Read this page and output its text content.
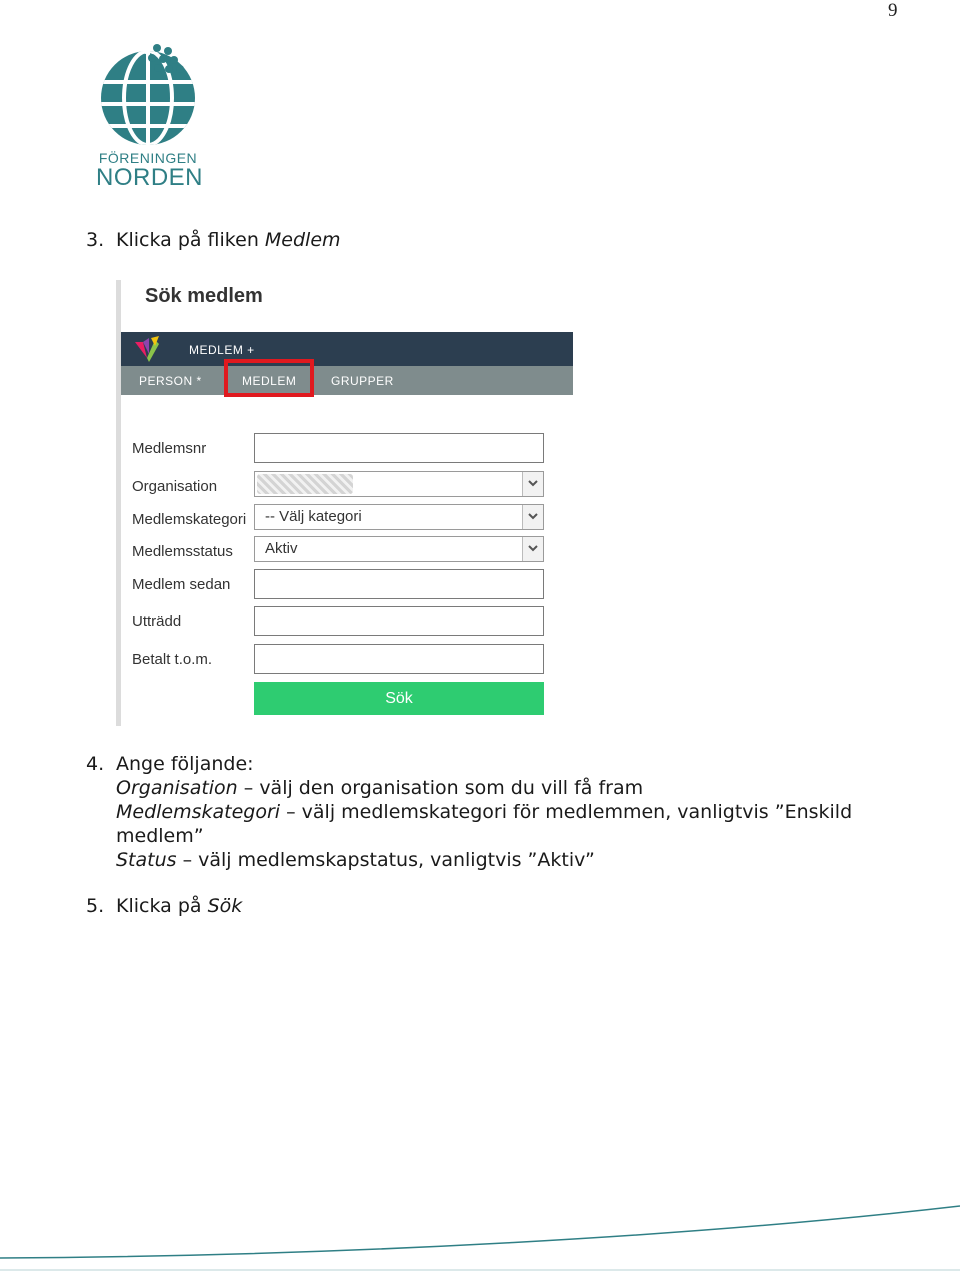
9
FÖRENINGEN
NORDEN
3. Klicka på fliken Medlem
Sök medlem
MEDLEM +
PERSON *	MEDLEM	GRUPPER
Medlemsnr
Organisation
Medlemskategori -- Välj kategori
Medlemsstatus Aktiv
Medlem sedan
Utträdd
Betalt t.o.m.
Sök
4. Ange följande:
Organisation – välj den organisation som du vill få fram
Medlemskategori – välj medlemskategori för medlemmen, vanligtvis ”Enskild medlem”
Status – välj medlemskapstatus, vanligtvis ”Aktiv”
5. Klicka på Sök
